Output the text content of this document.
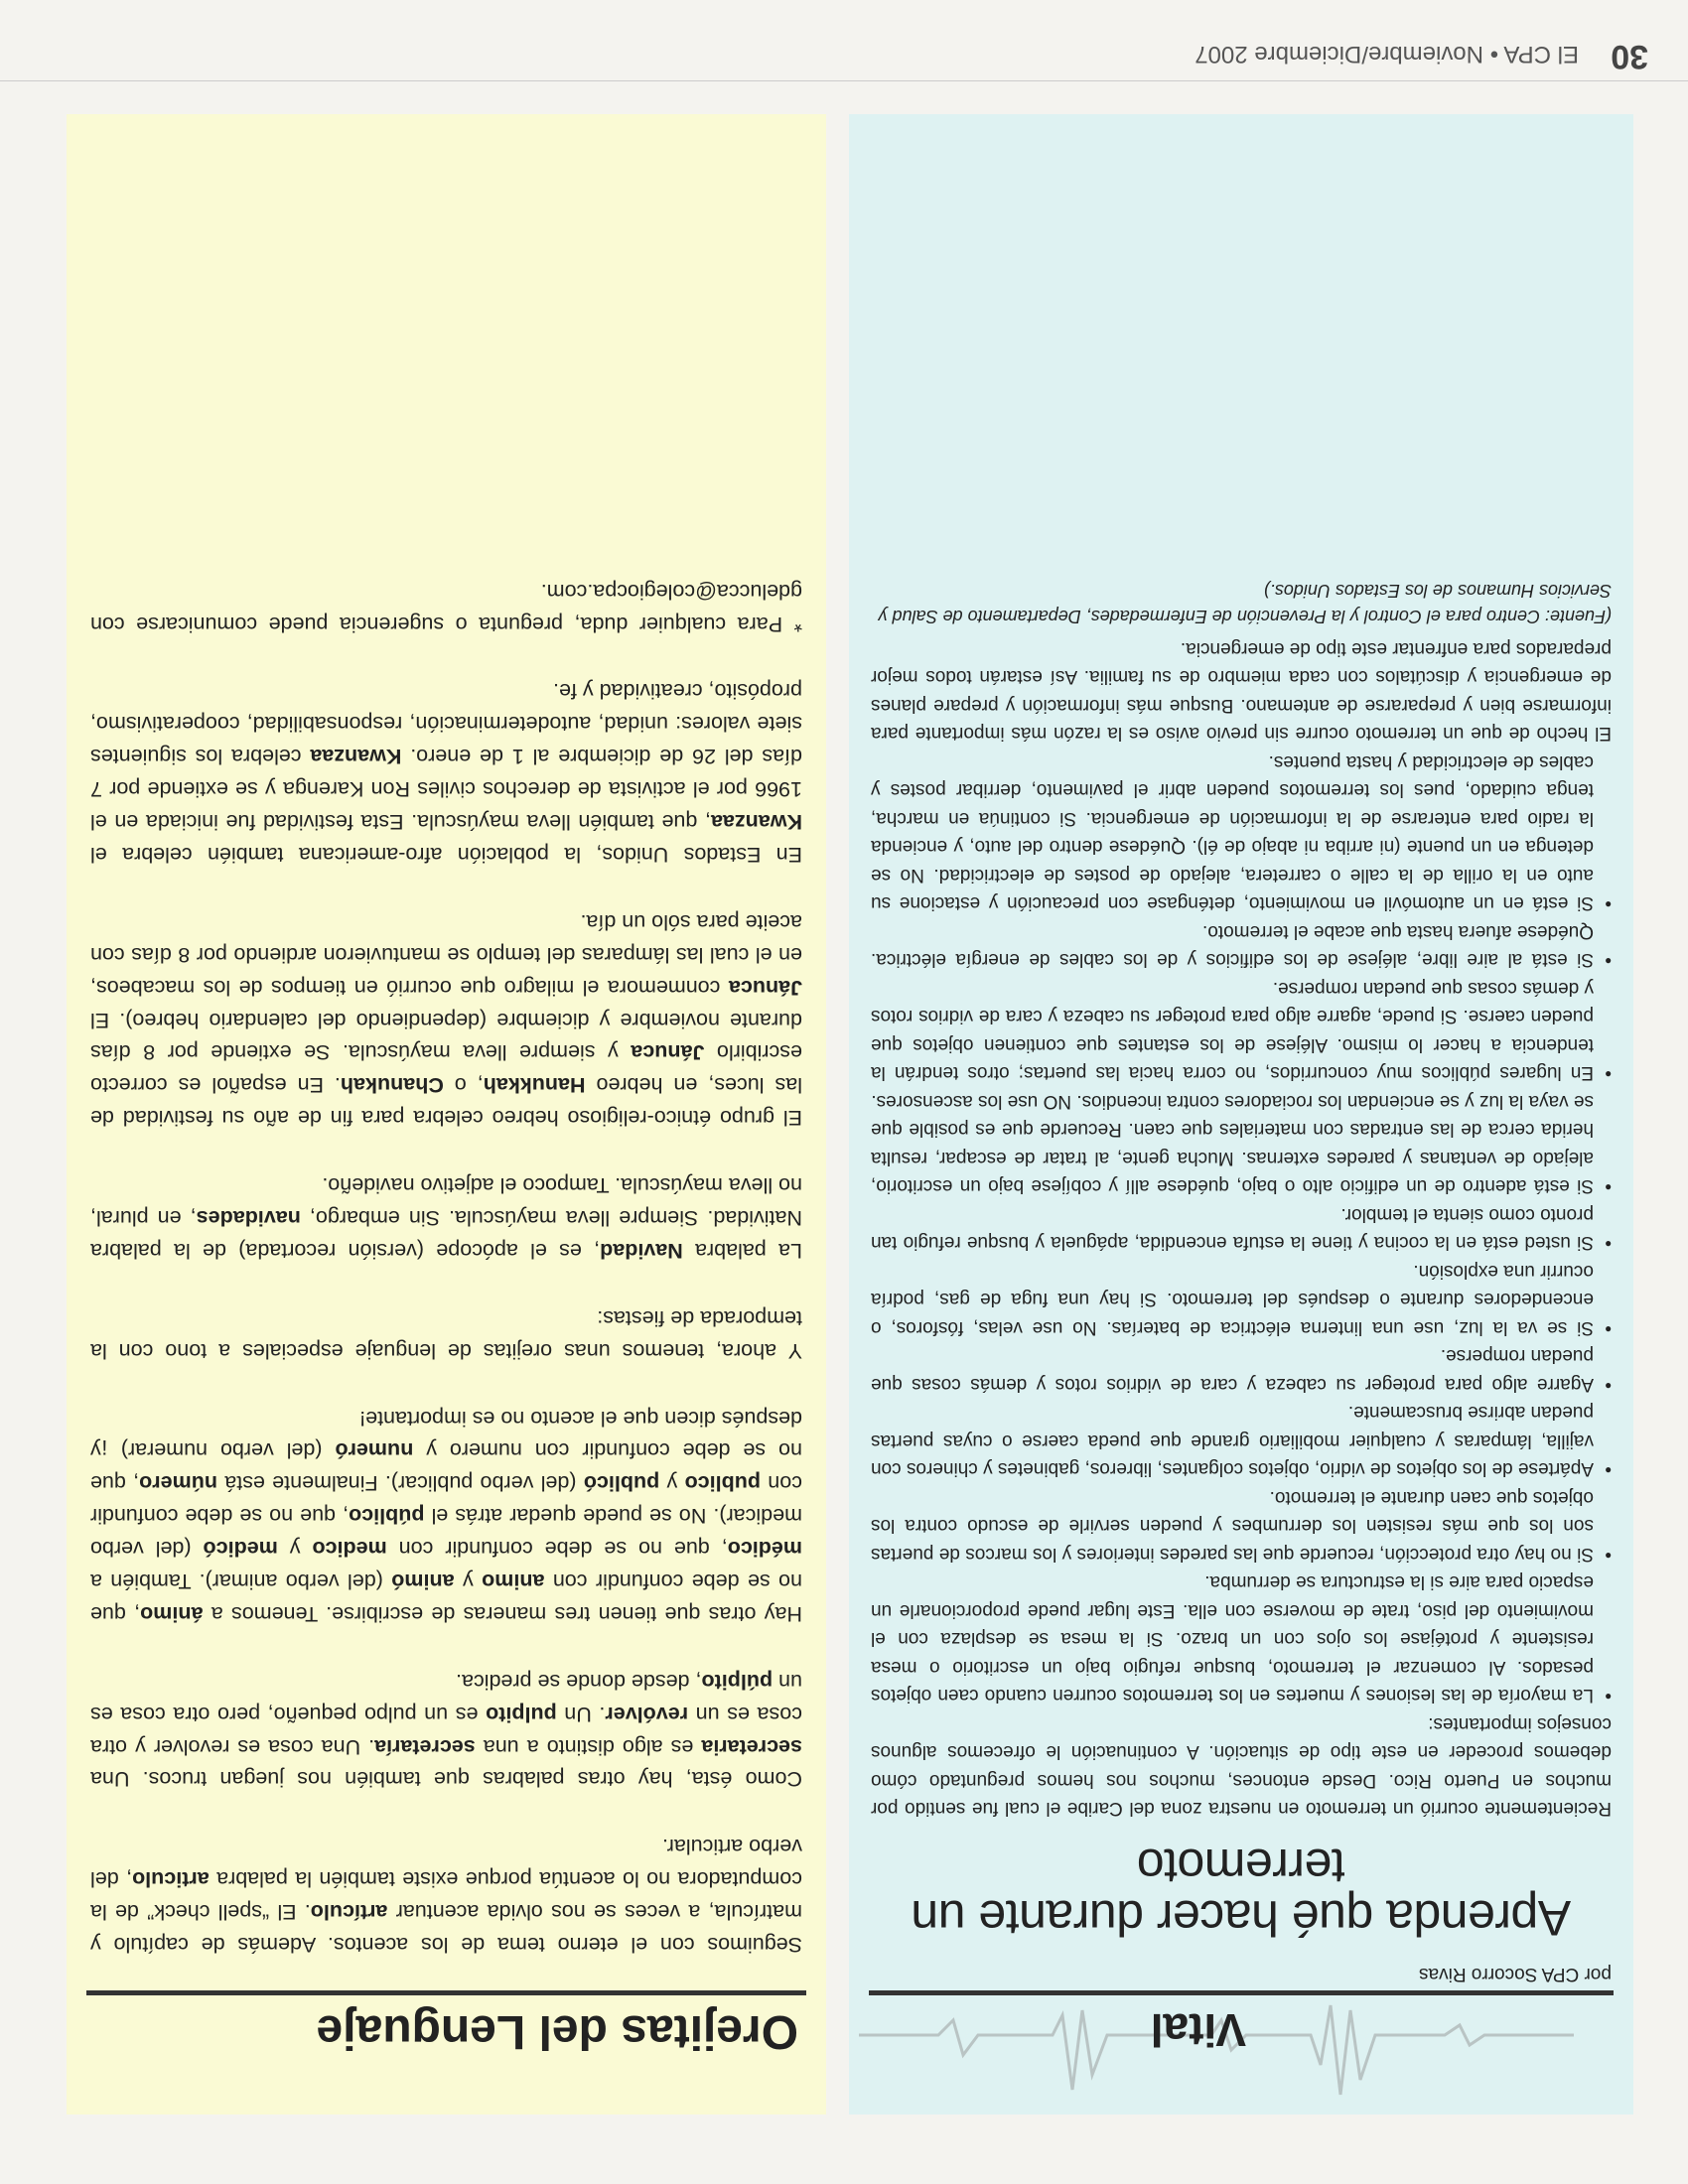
30
El CPA • Noviembre/Diciembre 2007
Orejitas del Lenguaje

Seguimos con el eterno tema de los acentos. Además de capítulo y matrícula, a veces se nos olvida acentuar artículo. El “spell check” de la computadora no lo acentúa porque existe también la palabra articulo, del verbo articular.

Como ésta, hay otras palabras que también nos juegan trucos. Una secretaria es algo distinto a una secretaría. Una cosa es revolver y otra cosa es un revólver. Un pulpito es un pulpo pequeño, pero otra cosa es un púlpito, desde donde se predica.

Hay otras que tienen tres maneras de escribirse. Tenemos a ánimo, que no se debe confundir con animo y animó (del verbo animar). También a médico, que no se debe confundir con medico y medicó (del verbo medicar). No se puede quedar atrás el público, que no se debe confundir con publico y publicó (del verbo publicar). Finalmente está número, que no se debe confundir con numero y numeró (del verbo numerar) ¡y después dicen que el acento no es importante!

Y ahora, tenemos unas orejitas de lenguaje especiales a tono con la temporada de fiestas:

La palabra Navidad, es el apócope (versión recortada) de la palabra Natividad. Siempre lleva mayúscula. Sin embargo, navidades, en plural, no lleva mayúscula. Tampoco el adjetivo navideño.

El grupo étnico-religioso hebreo celebra para fin de año su festividad de las luces, en hebreo Hanukkah, o Chanukah. En español es correcto escribirlo Jánuca y siempre lleva mayúscula. Se extiende por 8 días durante noviembre y diciembre (dependiendo del calendario hebreo). El Jánuca conmemora el milagro que ocurrió en tiempos de los macabeos, en el cual las lámparas del templo se mantuvieron ardiendo por 8 días con aceite para sólo un día.

En Estados Unidos, la población afro-americana también celebra el Kwanzaa, que también lleva mayúscula. Esta festividad fue iniciada en el 1966 por el activista de derechos civiles Ron Karenga y se extiende por 7 días del 26 de diciembre al 1 de enero. Kwanzaa celebra los siguientes siete valores: unidad, autodeterminación, responsabilidad, cooperativismo, propósito, creatividad y fe.

* Para cualquier duda, pregunta o sugerencia puede comunicarse con gdelucca@colegiocpa.com.

Vital

por CPA Socorro Rivas

Aprenda qué hacer durante un terremoto

Recientemente ocurrió un terremoto en nuestra zona del Caribe el cual fue sentido por muchos en Puerto Rico. Desde entonces, muchos nos hemos preguntado cómo debemos proceder en este tipo de situación. A continuación le ofrecemos algunos consejos importantes:

• La mayoría de las lesiones y muertes en los terremotos ocurren cuando caen objetos pesados. Al comenzar el terremoto, busque refugio bajo un escritorio o mesa resistente y protéjase los ojos con un brazo. Si la mesa se desplaza con el movimiento del piso, trate de moverse con ella. Este lugar puede proporcionarle un espacio para aire si la estructura se derrumba.
• Si no hay otra protección, recuerde que las paredes interiores y los marcos de puertas son los que más resisten los derrumbes y pueden servirle de escudo contra los objetos que caen durante el terremoto.
• Apártese de los objetos de vidrio, objetos colgantes, libreros, gabinetes y chineros con vajilla, lámparas y cualquier mobiliario grande que pueda caerse o cuyas puertas puedan abrirse bruscamente.
• Agarre algo para proteger su cabeza y cara de vidrios rotos y demás cosas que puedan romperse.
• Si se va la luz, use una linterna eléctrica de baterías. No use velas, fósforos, o encendedores durante o después del terremoto. Si hay una fuga de gas, podría ocurrir una explosión.
• Si usted está en la cocina y tiene la estufa encendida, apáguela y busque refugio tan pronto como sienta el temblor.
• Si está adentro de un edificio alto o bajo, quédese allí y cobíjese bajo un escritorio, alejado de ventanas y paredes externas. Mucha gente, al tratar de escapar, resulta herida cerca de las entradas con materiales que caen. Recuerde que es posible que se vaya la luz y se enciendan los rociadores contra incendios. NO use los ascensores.
• En lugares públicos muy concurridos, no corra hacia las puertas; otros tendrán la tendencia a hacer lo mismo. Aléjese de los estantes que contienen objetos que pueden caerse. Si puede, agarre algo para proteger su cabeza y cara de vidrios rotos y demás cosas que puedan romperse.
• Si está al aire libre, aléjese de los edificios y de los cables de energía eléctrica. Quédese afuera hasta que acabe el terremoto.
• Si está en un automóvil en movimiento, deténgase con precaución y estacione su auto en la orilla de la calle o carretera, alejado de postes de electricidad. No se detenga en un puente (ni arriba ni abajo de él). Quédese dentro del auto, y encienda la radio para enterarse de la información de emergencia. Si continúa en marcha, tenga cuidado, pues los terremotos pueden abrir el pavimento, derribar postes y cables de electricidad y hasta puentes.

El hecho de que un terremoto ocurre sin previo aviso es la razón más importante para informarse bien y prepararse de antemano. Busque más información y prepare planes de emergencia y discútalos con cada miembro de su familia. Así estarán todos mejor preparados para enfrentar este tipo de emergencia.

(Fuente: Centro para el Control y la Prevención de Enfermedades, Departamento de Salud y Servicios Humanos de los Estados Unidos.)
